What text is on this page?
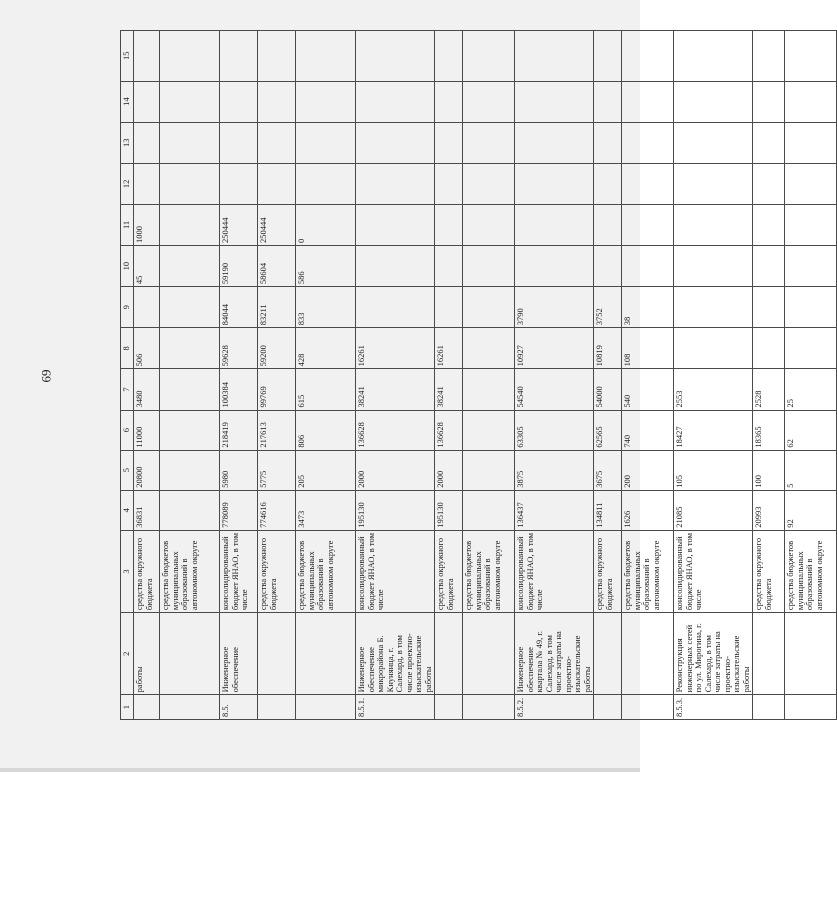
69
1	2	3	4	5	6	7	8	9	10	11	12	13	14	15
	работы	средства окружного бюджета	36831	20800	11000	3480	506		45	1000				
		средства бюджетов муниципальных образований в автономном округе												
8.5.	Инженерное обеспечение	консолидированный бюджет ЯНАО, в том числе	778089	5980	218419	100384	59628	84044	59190	250444				
		средства окружного бюджета	774616	5775	217613	99769	59200	83211	58604	250444				
		средства бюджетов муниципальных образований в автономном округе	3473	205	806	615	428	833	586	0				
8.5.1.	Инженерное обеспечение микрорайона Б. Кнунянца, г. Салехард, в том числе проектно-изыскательские работы	консолидированный бюджет ЯНАО, в том числе	195130	2000	136628	38241	16261							
		средства окружного бюджета	195130	2000	136628	38241	16261							
		средства бюджетов муниципальных образований в автономном округе												
8.5.2.	Инженерное обеспечение квартала № 49, г. Салехард, в том числе затраты на проектно-изыскательские работы	консолидированный бюджет ЯНАО, в том числе	136437	3875	63305	54540	10927	3790						
		средства окружного бюджета	134811	3675	62565	54000	10819	3752						
		средства бюджетов муниципальных образований в автономном округе	1626	200	740	540	108	38						
8.5.3.	Реконструкция инженерных сетей по ул. Мирогина, г. Салехард, в том числе затраты на проектно-изыскательские работы	консолидированный бюджет ЯНАО, в том числе	21085	105	18427	2553								
		средства окружного бюджета	20993	100	18365	2528								
		средства бюджетов муниципальных образований в автономном округе	92	5	62	25								
